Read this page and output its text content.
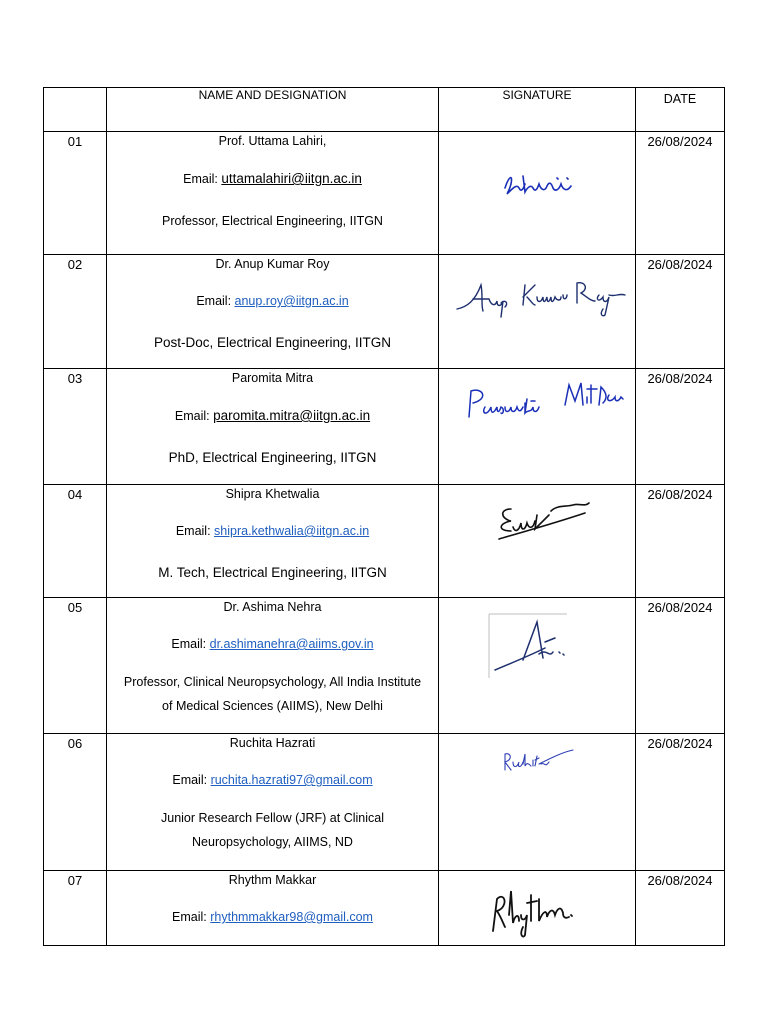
	NAME AND DESIGNATION	SIGNATURE	DATE
01	Prof. Uttama Lahiri,
Email: uttamalahiri@iitgn.ac.in
Professor, Electrical Engineering, IITGN		26/08/2024
02	Dr. Anup Kumar Roy
Email: anup.roy@iitgn.ac.in
Post-Doc, Electrical Engineering, IITGN		26/08/2024
03	Paromita Mitra
Email: paromita.mitra@iitgn.ac.in
PhD, Electrical Engineering, IITGN		26/08/2024
04	Shipra Khetwalia
Email: shipra.kethwalia@iitgn.ac.in
M. Tech, Electrical Engineering, IITGN		26/08/2024
05	Dr. Ashima Nehra
Email: dr.ashimanehra@aiims.gov.in
Professor, Clinical Neuropsychology, All India Institute
of Medical Sciences (AIIMS), New Delhi		26/08/2024
06	Ruchita Hazrati
Email: ruchita.hazrati97@gmail.com
Junior Research Fellow (JRF) at Clinical
Neuropsychology, AIIMS, ND		26/08/2024
07	Rhythm Makkar
Email: rhythmmakkar98@gmail.com		26/08/2024
